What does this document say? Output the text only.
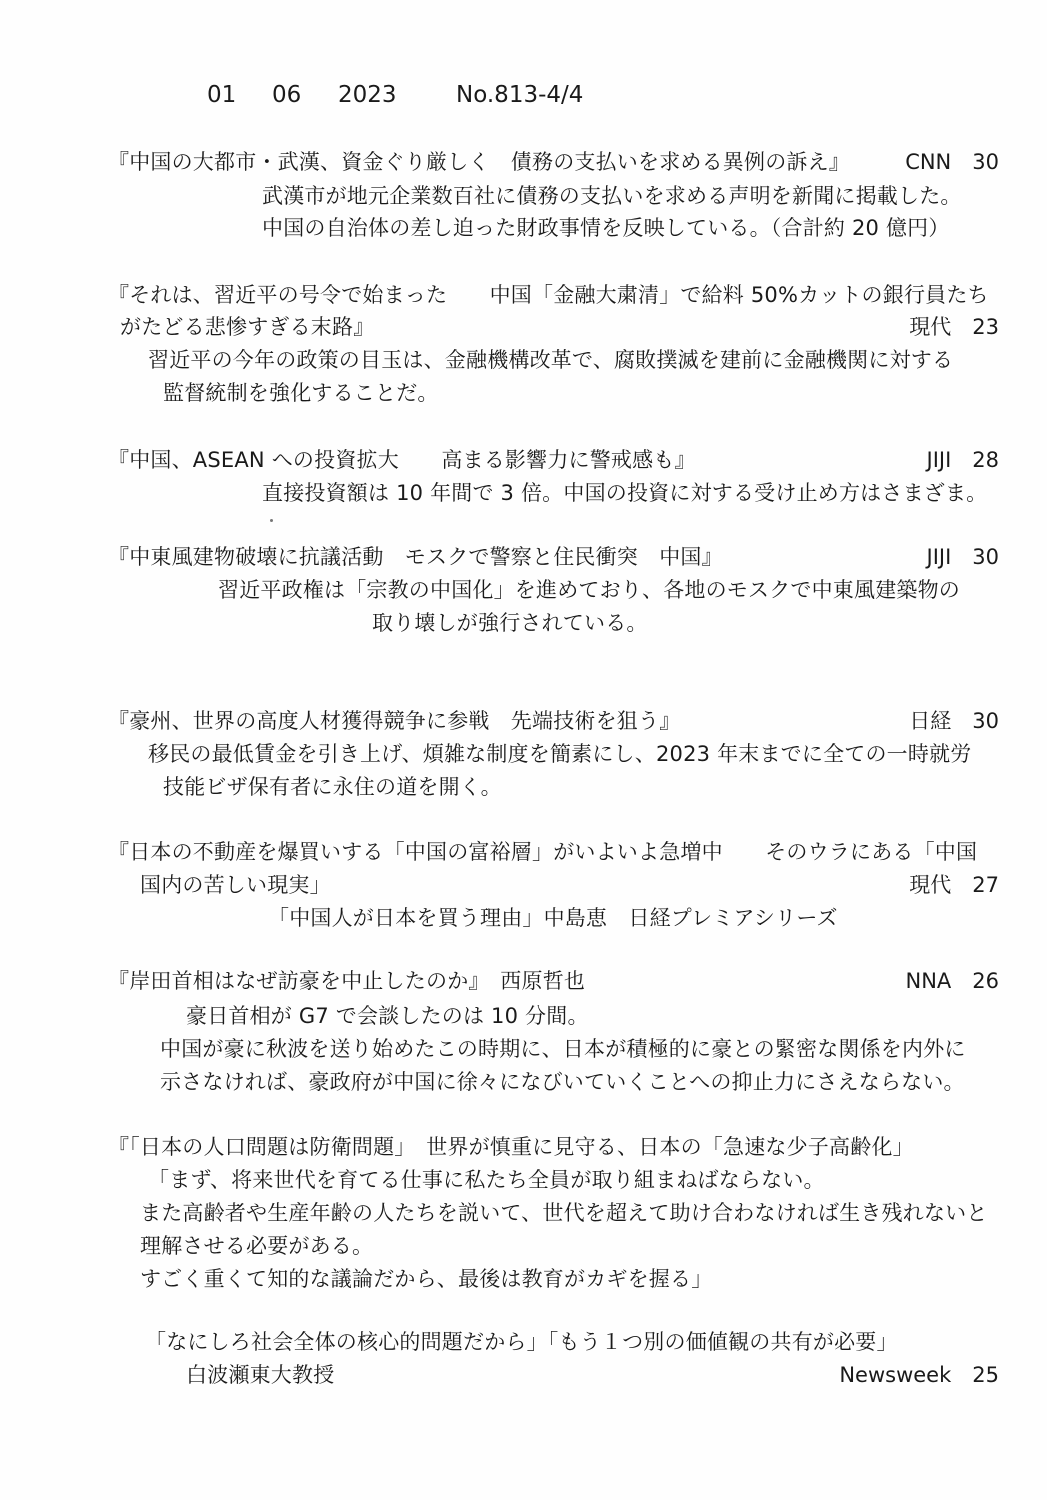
01 06 2023	No.813-4/4
『中国の大都市・武漢、資金ぐり厳しく　債務の支払いを求める異例の訴え』	CNN　30
武漢市が地元企業数百社に債務の支払いを求める声明を新聞に掲載した。
中国の自治体の差し迫った財政事情を反映している。（合計約 20 億円）
『それは、習近平の号令で始まった　　中国「金融大粛清」で給料 50%カットの銀行員たち
がたどる悲惨すぎる末路』	現代　23
習近平の今年の政策の目玉は、金融機構改革で、腐敗撲滅を建前に金融機関に対する
監督統制を強化することだ。
『中国、ASEAN への投資拡大　　高まる影響力に警戒感も』	JIJI　28
直接投資額は 10 年間で 3 倍。中国の投資に対する受け止め方はさまざま。
『中東風建物破壊に抗議活動　モスクで警察と住民衝突　中国』	JIJI　30
習近平政権は「宗教の中国化」を進めており、各地のモスクで中東風建築物の
取り壊しが強行されている。
『豪州、世界の高度人材獲得競争に参戦　先端技術を狙う』	日経　30
移民の最低賃金を引き上げ、煩雑な制度を簡素にし、2023 年末までに全ての一時就労
技能ビザ保有者に永住の道を開く。
『日本の不動産を爆買いする「中国の富裕層」がいよいよ急増中　　そのウラにある「中国
国内の苦しい現実」	現代　27
「中国人が日本を買う理由」中島恵　日経プレミアシリーズ
『岸田首相はなぜ訪豪を中止したのか』　西原哲也	NNA　26
豪日首相が G7 で会談したのは 10 分間。
中国が豪に秋波を送り始めたこの時期に、日本が積極的に豪との緊密な関係を内外に
示さなければ、豪政府が中国に徐々になびいていくことへの抑止力にさえならない。
『「日本の人口問題は防衛問題」　世界が慎重に見守る、日本の「急速な少子高齢化」
「まず、将来世代を育てる仕事に私たち全員が取り組まねばならない。
また高齢者や生産年齢の人たちを説いて、世代を超えて助け合わなければ生き残れないと
理解させる必要がある。
すごく重くて知的な議論だから、最後は教育がカギを握る」
「なにしろ社会全体の核心的問題だから」「もう１つ別の価値観の共有が必要」
白波瀬東大教授	Newsweek　25
